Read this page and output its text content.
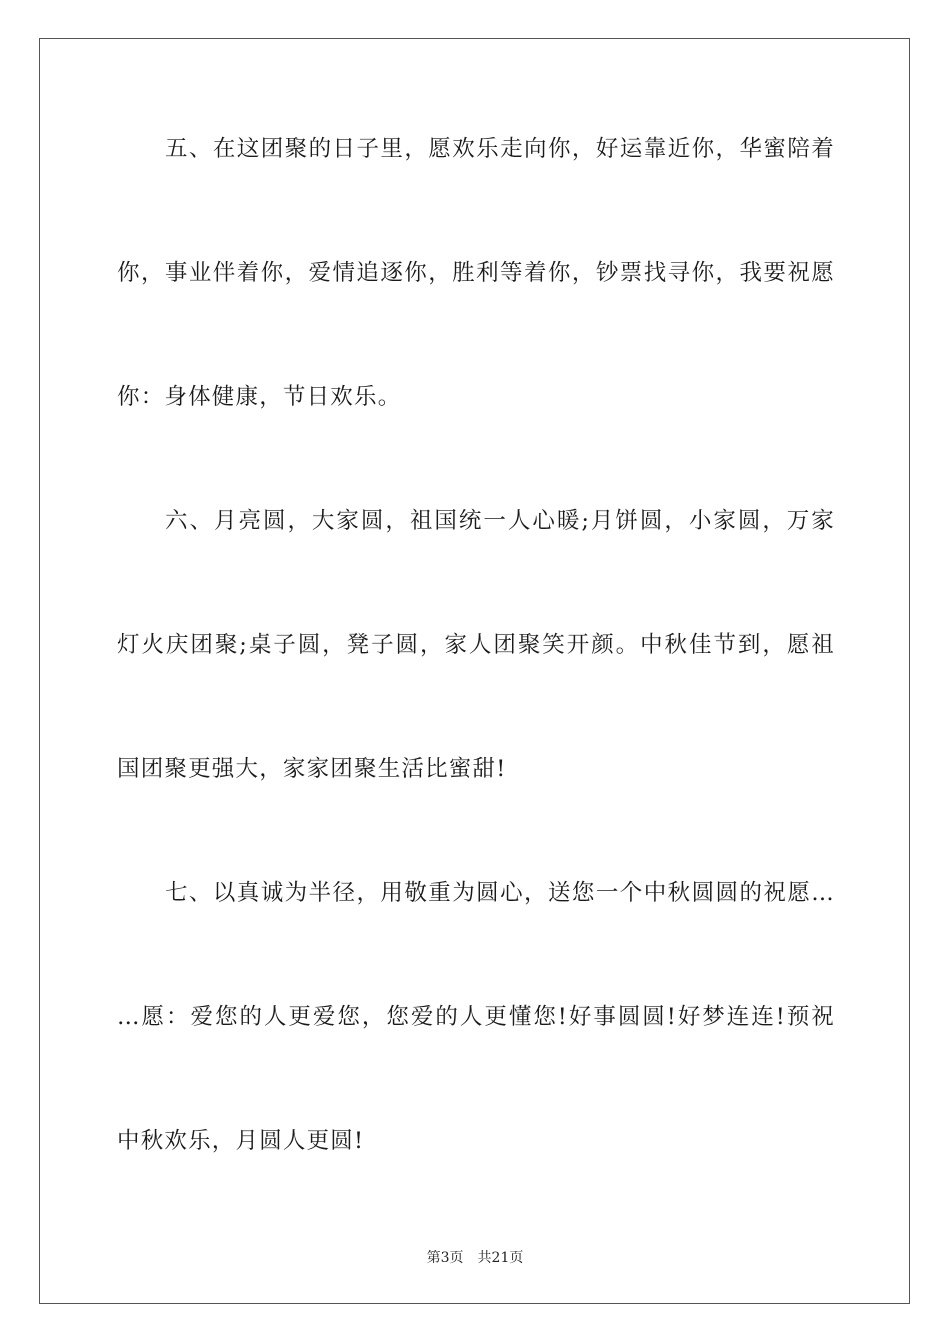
五、在这团聚的日子里，愿欢乐走向你，好运靠近你，华蜜陪着
你，事业伴着你，爱情追逐你，胜利等着你，钞票找寻你，我要祝愿
你：身体健康，节日欢乐。
六、月亮圆，大家圆，祖国统一人心暖;月饼圆，小家圆，万家
灯火庆团聚;桌子圆，凳子圆，家人团聚笑开颜。中秋佳节到，愿祖
国团聚更强大，家家团聚生活比蜜甜!
七、以真诚为半径，用敬重为圆心，送您一个中秋圆圆的祝愿…
…愿：爱您的人更爱您，您爱的人更懂您!好事圆圆!好梦连连!预祝
中秋欢乐，月圆人更圆!
第3页 共21页
